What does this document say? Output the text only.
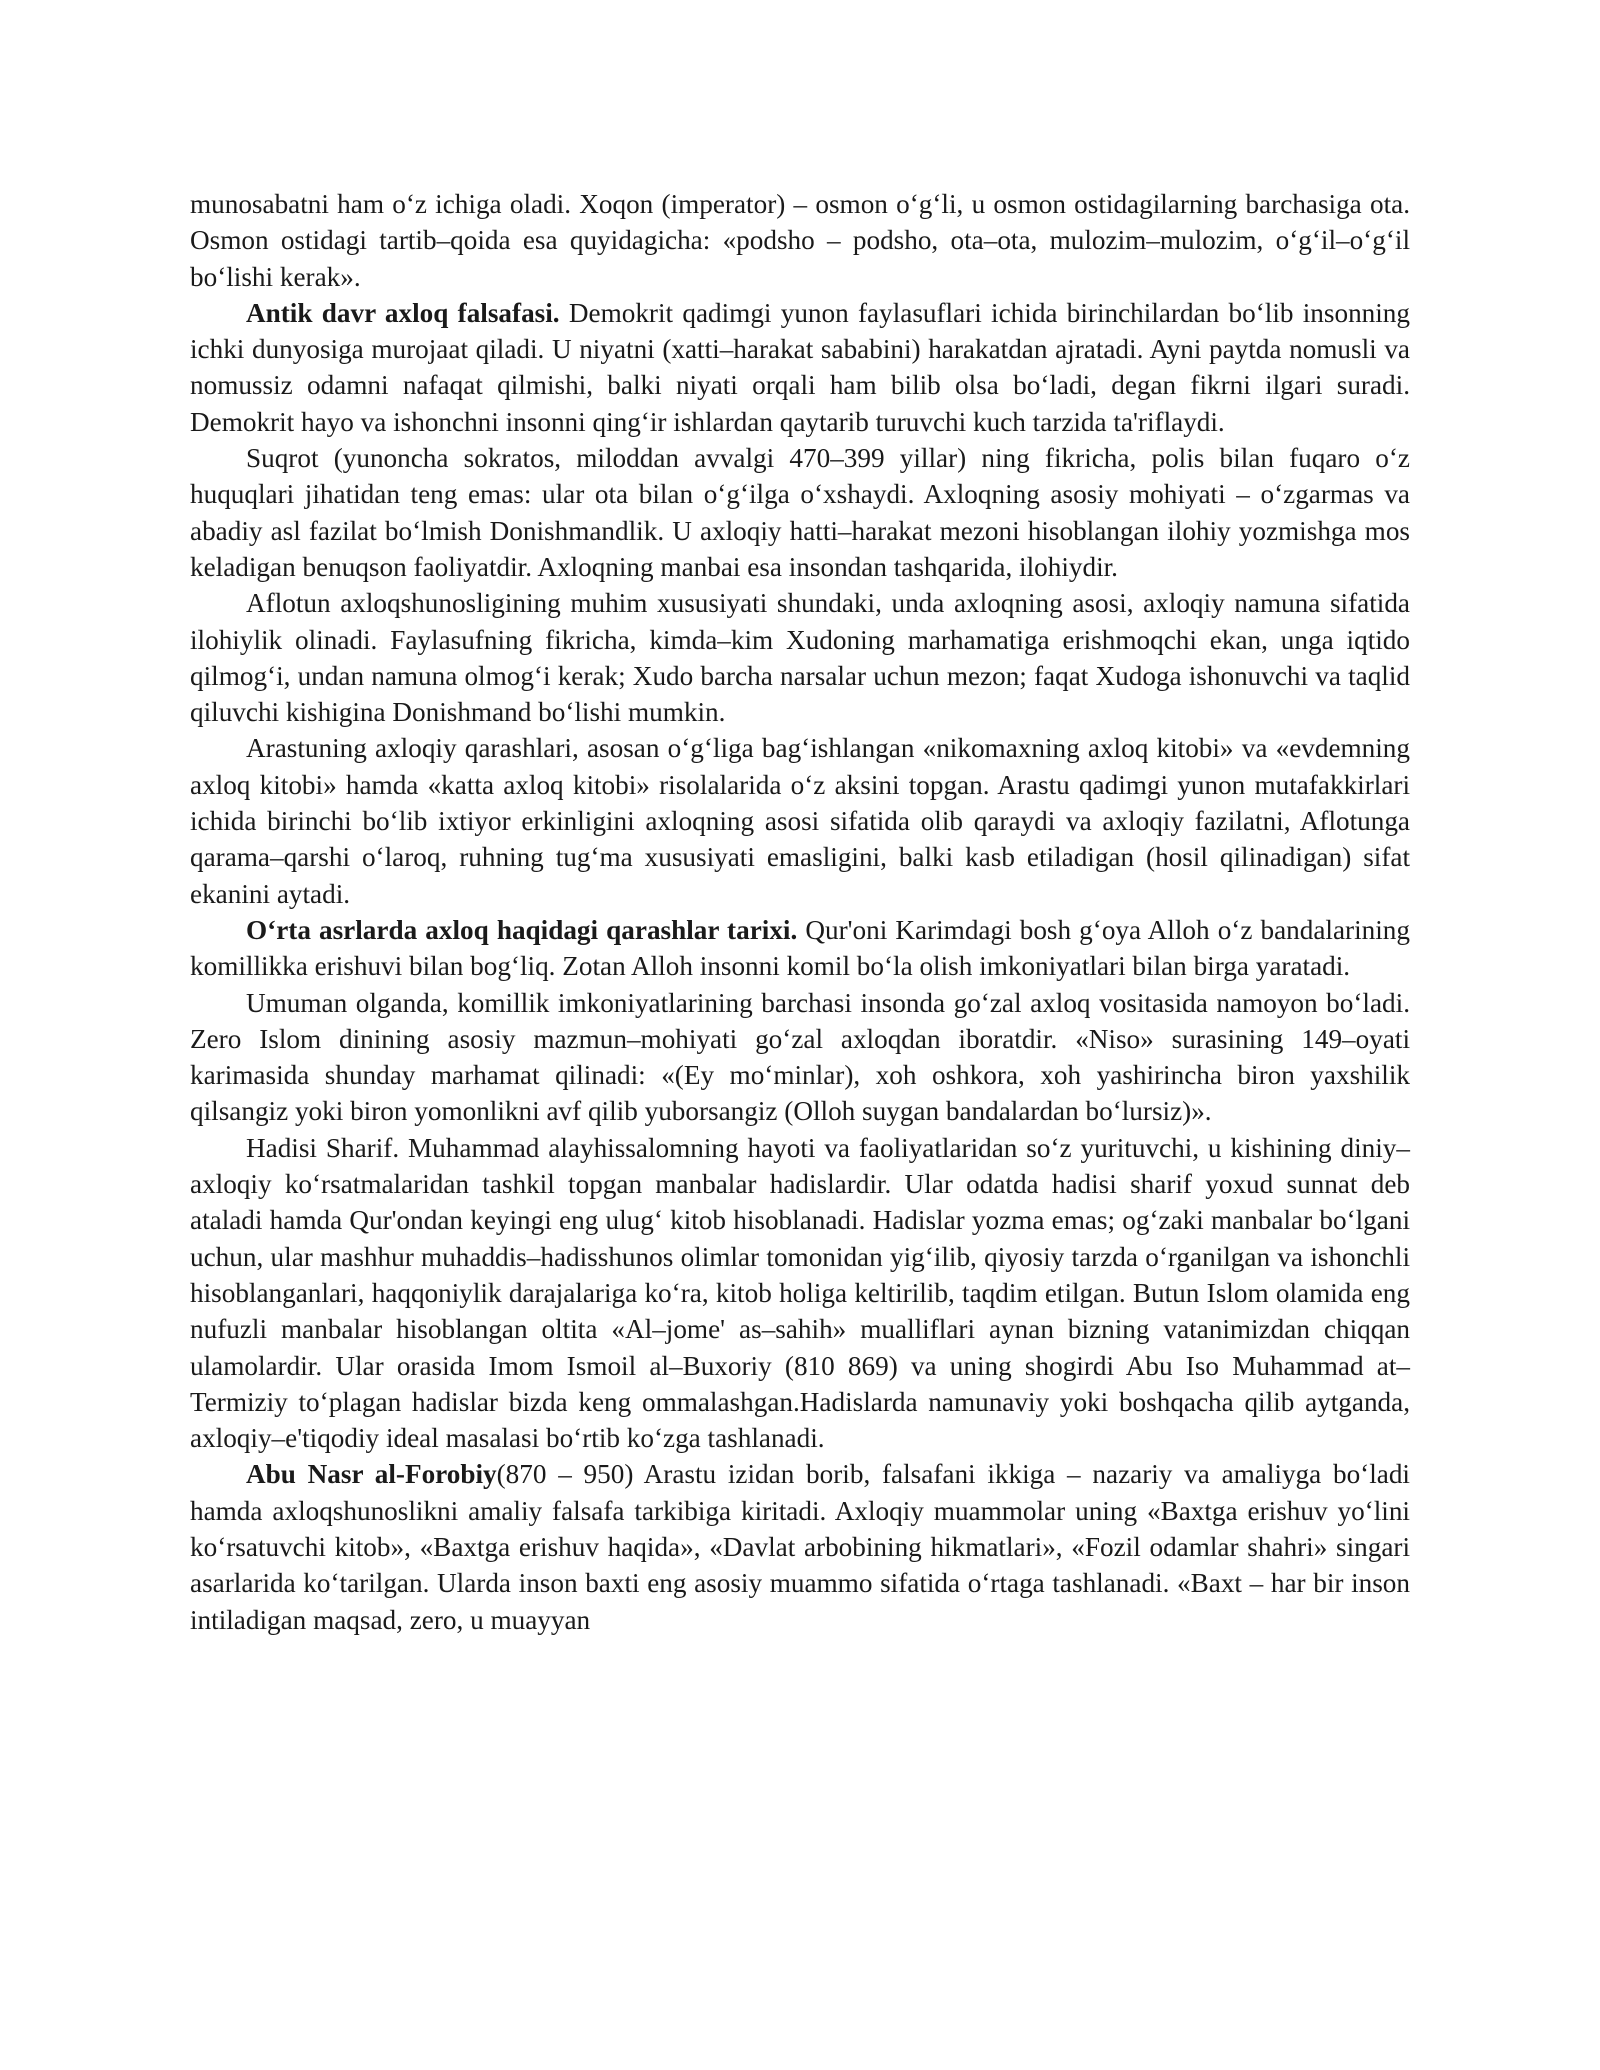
munosabatni ham o‘z ichiga oladi. Xoqon (imperator) – osmon o‘g‘li, u osmon ostidagilarning barchasiga ota. Osmon ostidagi tartib–qoida esa quyidagicha: «podsho – podsho, ota–ota, mulozim–mulozim, o‘g‘il–o‘g‘il bo‘lishi kerak».

Antik davr axloq falsafasi. Demokrit qadimgi yunon faylasuflari ichida birinchilardan bo‘lib insonning ichki dunyosiga murojaat qiladi. U niyatni (xatti–harakat sababini) harakatdan ajratadi. Ayni paytda nomusli va nomussiz odamni nafaqat qilmishi, balki niyati orqali ham bilib olsa bo‘ladi, degan fikrni ilgari suradi. Demokrit hayo va ishonchni insonni qing‘ir ishlardan qaytarib turuvchi kuch tarzida ta'riflaydi.

Suqrot (yunoncha sokratos, miloddan avvalgi 470–399 yillar) ning fikricha, polis bilan fuqaro o‘z huquqlari jihatidan teng emas: ular ota bilan o‘g‘ilga o‘xshaydi. Axloqning asosiy mohiyati – o‘zgarmas va abadiy asl fazilat bo‘lmish Donishmandlik. U axloqiy hatti–harakat mezoni hisoblangan ilohiy yozmishga mos keladigan benuqson faoliyatdir. Axloqning manbai esa insondan tashqarida, ilohiydir.

Aflotun axloqshunosligining muhim xususiyati shundaki, unda axloqning asosi, axloqiy namuna sifatida ilohiylik olinadi. Faylasufning fikricha, kimda–kim Xudoning marhamatiga erishmoqchi ekan, unga iqtido qilmog‘i, undan namuna olmog‘i kerak; Xudo barcha narsalar uchun mezon; faqat Xudoga ishonuvchi va taqlid qiluvchi kishigina Donishmand bo‘lishi mumkin.

Arastuning axloqiy qarashlari, asosan o‘g‘liga bag‘ishlangan «nikomaxning axloq kitobi» va «evdemning axloq kitobi» hamda «katta axloq kitobi» risolalarida o‘z aksini topgan. Arastu qadimgi yunon mutafakkirlari ichida birinchi bo‘lib ixtiyor erkinligini axloqning asosi sifatida olib qaraydi va axloqiy fazilatni, Aflotunga qarama–qarshi o‘laroq, ruhning tug‘ma xususiyati emasligini, balki kasb etiladigan (hosil qilinadigan) sifat ekanini aytadi.

O‘rta asrlarda axloq haqidagi qarashlar tarixi. Qur'oni Karimdagi bosh g‘oya Alloh o‘z bandalarining komillikka erishuvi bilan bog‘liq. Zotan Alloh insonni komil bo‘la olish imkoniyatlari bilan birga yaratadi.

Umuman olganda, komillik imkoniyatlarining barchasi insonda go‘zal axloq vositasida namoyon bo‘ladi. Zero Islom dinining asosiy mazmun–mohiyati go‘zal axloqdan iboratdir. «Niso» surasining 149–oyati karimasida shunday marhamat qilinadi: «(Ey mo‘minlar), xoh oshkora, xoh yashirincha biron yaxshilik qilsangiz yoki biron yomonlikni avf qilib yuborsangiz (Olloh suygan bandalardan bo‘lursiz)».

Hadisi Sharif. Muhammad alayhissalomning hayoti va faoliyatlaridan so‘z yurituvchi, u kishining diniy–axloqiy ko‘rsatmalaridan tashkil topgan manbalar hadislardir. Ular odatda hadisi sharif yoxud sunnat deb ataladi hamda Qur'ondan keyingi eng ulug‘ kitob hisoblanadi. Hadislar yozma emas; og‘zaki manbalar bo‘lgani uchun, ular mashhur muhaddis–hadisshunos olimlar tomonidan yig‘ilib, qiyosiy tarzda o‘rganilgan va ishonchli hisoblanganlari, haqqoniylik darajalariga ko‘ra, kitob holiga keltirilib, taqdim etilgan. Butun Islom olamida eng nufuzli manbalar hisoblangan oltita «Al–jome' as–sahih» mualliflari aynan bizning vatanimizdan chiqqan ulamolardir. Ular orasida Imom Ismoil al–Buxoriy (810 869) va uning shogirdi Abu Iso Muhammad at–Termiziy to‘plagan hadislar bizda keng ommalashgan.Hadislarda namunaviy yoki boshqacha qilib aytganda, axloqiy–e'tiqodiy ideal masalasi bo‘rtib ko‘zga tashlanadi.

Abu Nasr al-Forobiy(870 – 950) Arastu izidan borib, falsafani ikkiga – nazariy va amaliyga bo‘ladi hamda axloqshunoslikni amaliy falsafa tarkibiga kiritadi. Axloqiy muammolar uning «Baxtga erishuv yo‘lini ko‘rsatuvchi kitob», «Baxtga erishuv haqida», «Davlat arbobining hikmatlari», «Fozil odamlar shahri» singari asarlarida ko‘tarilgan. Ularda inson baxti eng asosiy muammo sifatida o‘rtaga tashlanadi. «Baxt – har bir inson intiladigan maqsad, zero, u muayyan
